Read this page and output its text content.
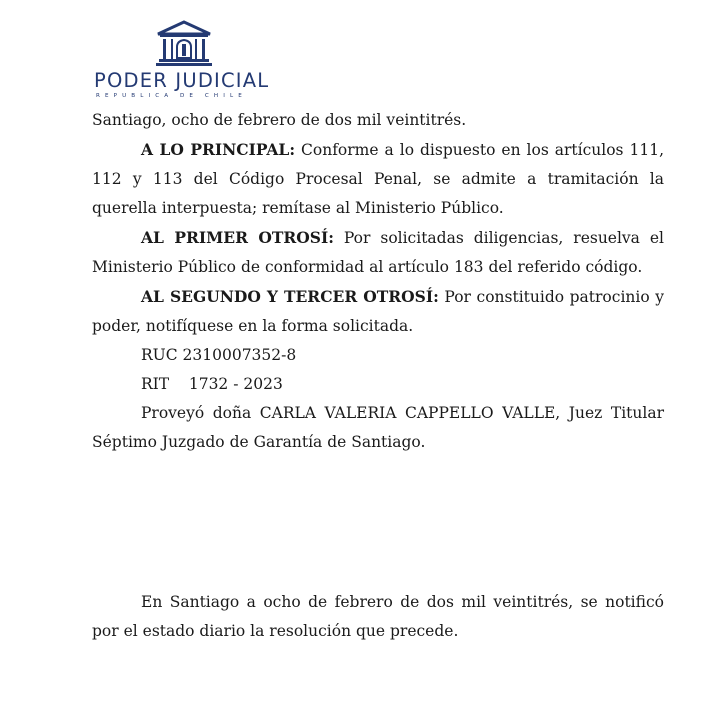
PODER JUDICIAL
REPUBLICA DE CHILE

Santiago, ocho de febrero de dos mil veintitrés.

A LO PRINCIPAL: Conforme a lo dispuesto en los artículos 111, 112 y 113 del Código Procesal Penal, se admite a tramitación la querella interpuesta; remítase al Ministerio Público.

AL PRIMER OTROSÍ: Por solicitadas diligencias, resuelva el Ministerio Público de conformidad al artículo 183 del referido código.

AL SEGUNDO Y TERCER OTROSÍ: Por constituido patrocinio y poder, notifíquese en la forma solicitada.

RUC 2310007352-8

RIT    1732 - 2023

Proveyó doña CARLA VALERIA CAPPELLO VALLE, Juez Titular Séptimo Juzgado de Garantía de Santiago.

En Santiago a ocho de febrero de dos mil veintitrés, se notificó por el estado diario la resolución que precede.
